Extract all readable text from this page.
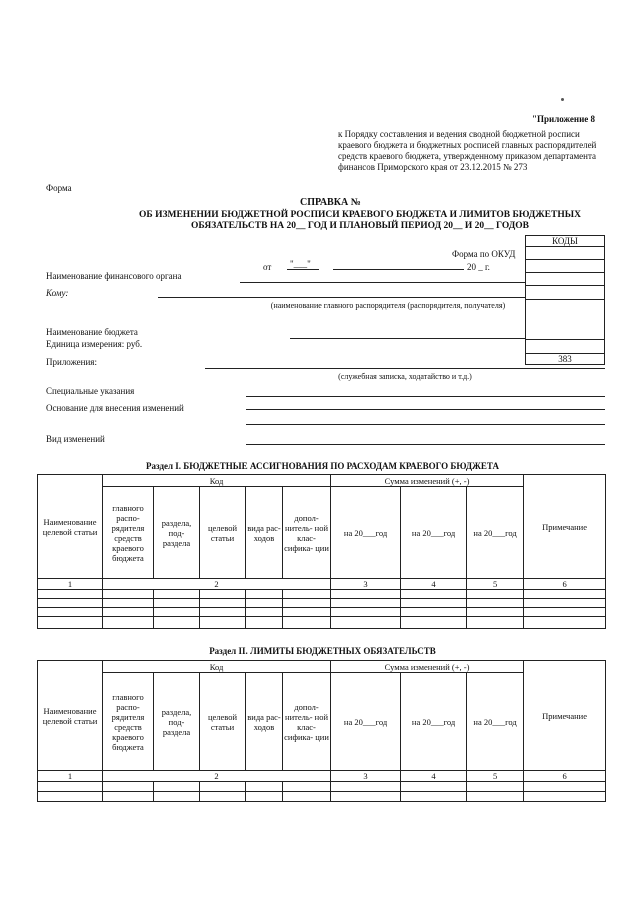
"Приложение 8
к Порядку составления и ведения сводной бюджетной росписи краевого бюджета и бюджетных росписей главных распорядителей средств краевого бюджета, утвержденному приказом департамента финансов Приморского края от 23.12.2015 № 273
Форма
СПРАВКА №
ОБ ИЗМЕНЕНИИ БЮДЖЕТНОЙ РОСПИСИ КРАЕВОГО БЮДЖЕТА И ЛИМИТОВ БЮДЖЕТНЫХ
ОБЯЗАТЕЛЬСТВ НА 20__ ГОД И ПЛАНОВЫЙ ПЕРИОД 20__ И 20__ ГОДОВ
КОДЫ

383
Форма по ОКУД
от "___"	20 _ г.
Наименование финансового органа
Кому:
(наименование главного распорядителя (распорядителя, получателя)
Наименование бюджета
Единица измерения: руб.
Приложения:
(служебная записка, ходатайство и т.д.)
Специальные указания
Основание для внесения изменений
Вид изменений
Раздел I. БЮДЖЕТНЫЕ АССИГНОВАНИЯ ПО РАСХОДАМ КРАЕВОГО БЮДЖЕТА
Наименование целевой статьи	Код					Сумма изменений (+, -)			Примечание
	главного распо- рядителя средств краевого бюджета	раздела, под- раздела	целевой статьи	вида рас- ходов	допол- нитель- ной клас- сифика- ции	на 20___год	на 20___год	на 20___год	
1	2					3	4	5	6

Раздел II. ЛИМИТЫ БЮДЖЕТНЫХ ОБЯЗАТЕЛЬСТВ
Наименование целевой статьи	Код					Сумма изменений (+, -)			Примечание
	главного распо- рядителя средств краевого бюджета	раздела, под- раздела	целевой статьи	вида рас- ходов	допол- нитель- ной клас- сифика- ции	на 20___год	на 20___год	на 20___год	
1	2					3	4	5	6
